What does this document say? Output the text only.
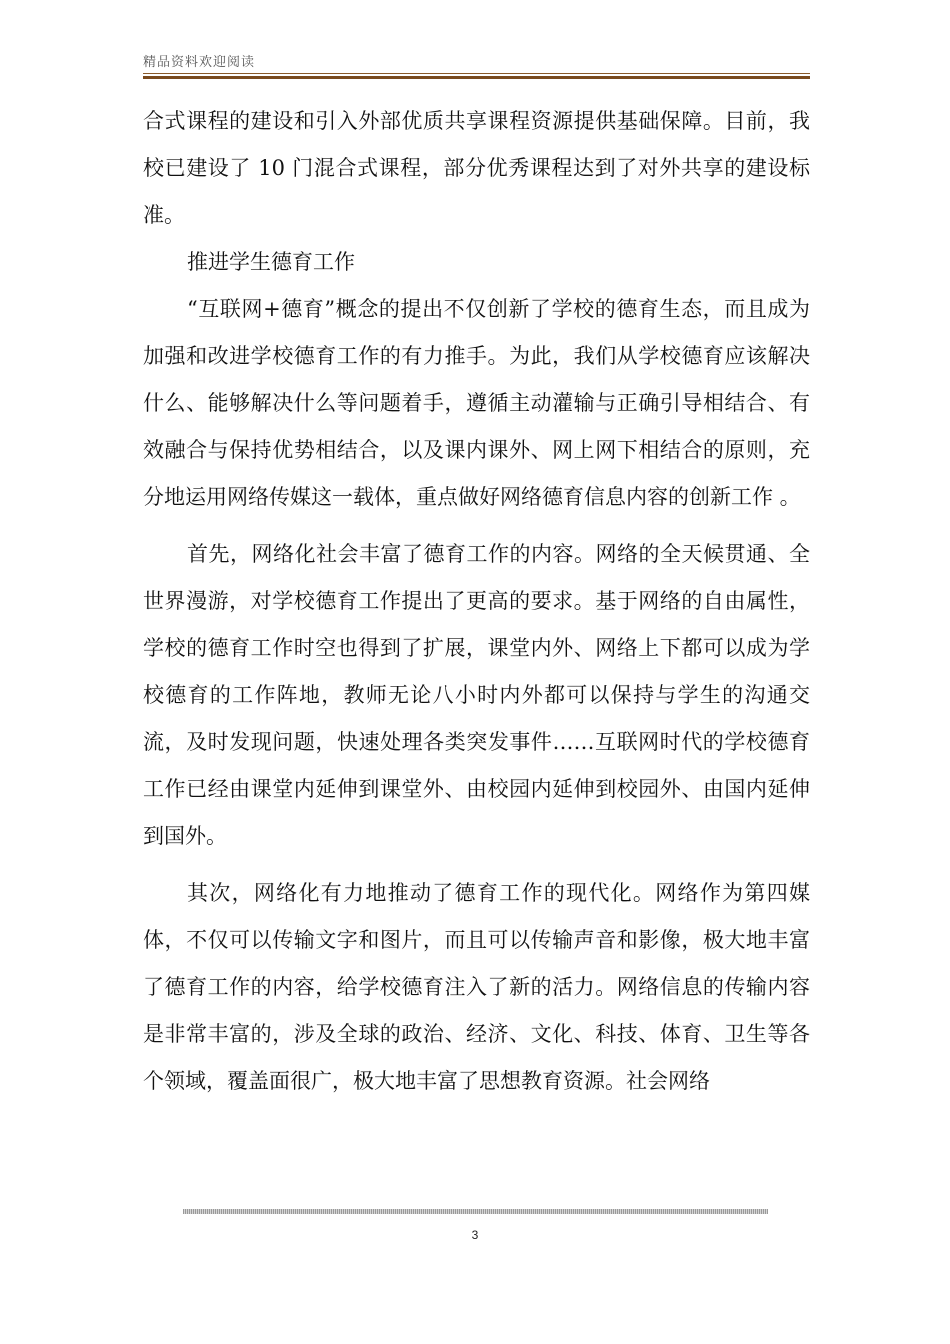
精品资料欢迎阅读

合式课程的建设和引入外部优质共享课程资源提供基础保障。目前，我校已建设了 10 门混合式课程，部分优秀课程达到了对外共享的建设标准。

推进学生德育工作

“互联网+德育”概念的提出不仅创新了学校的德育生态，而且成为加强和改进学校德育工作的有力推手。为此，我们从学校德育应该解决什么、能够解决什么等问题着手，遵循主动灌输与正确引导相结合、有效融合与保持优势相结合，以及课内课外、网上网下相结合的原则，充分地运用网络传媒这一载体，重点做好网络德育信息内容的创新工作 。

首先，网络化社会丰富了德育工作的内容。网络的全天候贯通、全世界漫游，对学校德育工作提出了更高的要求。基于网络的自由属性，学校的德育工作时空也得到了扩展，课堂内外、网络上下都可以成为学校德育的工作阵地，教师无论八小时内外都可以保持与学生的沟通交流，及时发现问题，快速处理各类突发事件……互联网时代的学校德育工作已经由课堂内延伸到课堂外、由校园内延伸到校园外、由国内延伸到国外。

其次，网络化有力地推动了德育工作的现代化。网络作为第四媒体，不仅可以传输文字和图片，而且可以传输声音和影像，极大地丰富了德育工作的内容，给学校德育注入了新的活力。网络信息的传输内容是非常丰富的，涉及全球的政治、经济、文化、科技、体育、卫生等各个领域，覆盖面很广，极大地丰富了思想教育资源。社会网络

3
